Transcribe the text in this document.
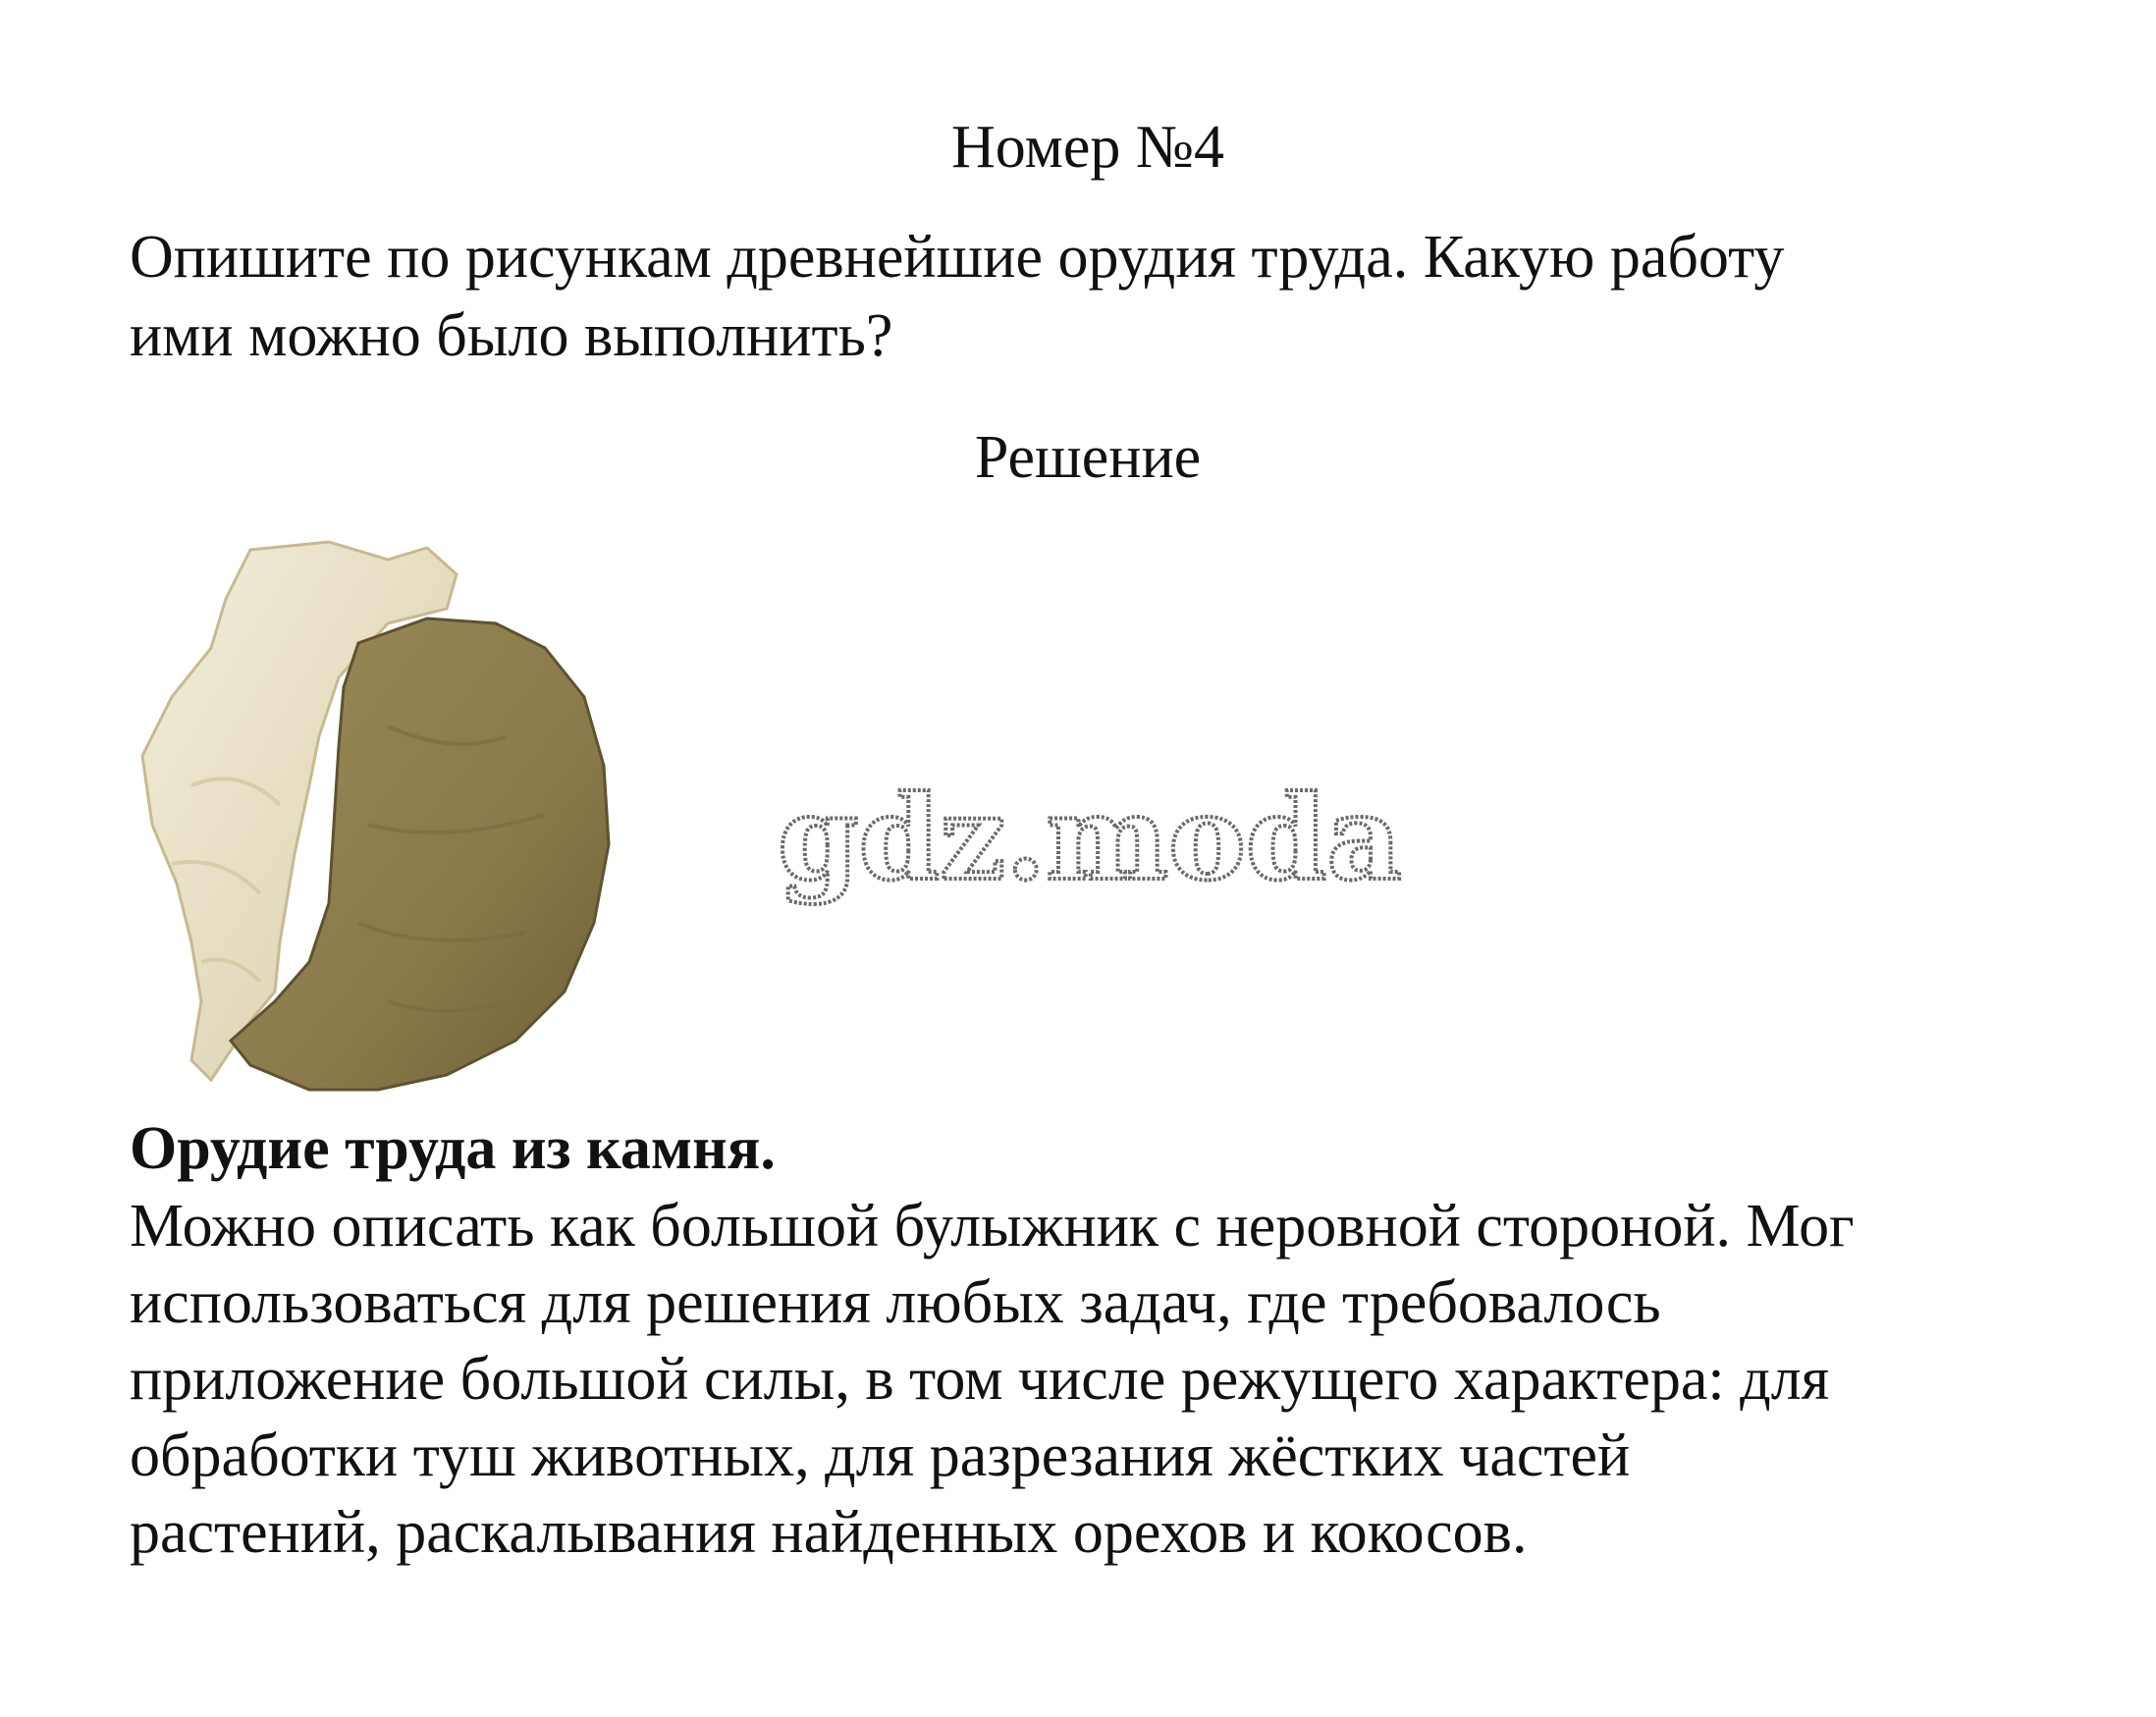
Номер №4

Опишите по рисункам древнейшие орудия труда. Какую работу
ими можно было выполнить?

Решение
gdz.moda

Орудие труда из камня.

Можно описать как большой булыжник с неровной стороной. Мог
использоваться для решения любых задач, где требовалось
приложение большой силы, в том числе режущего характера: для
обработки туш животных, для разрезания жёстких частей
растений, раскалывания найденных орехов и кокосов.
